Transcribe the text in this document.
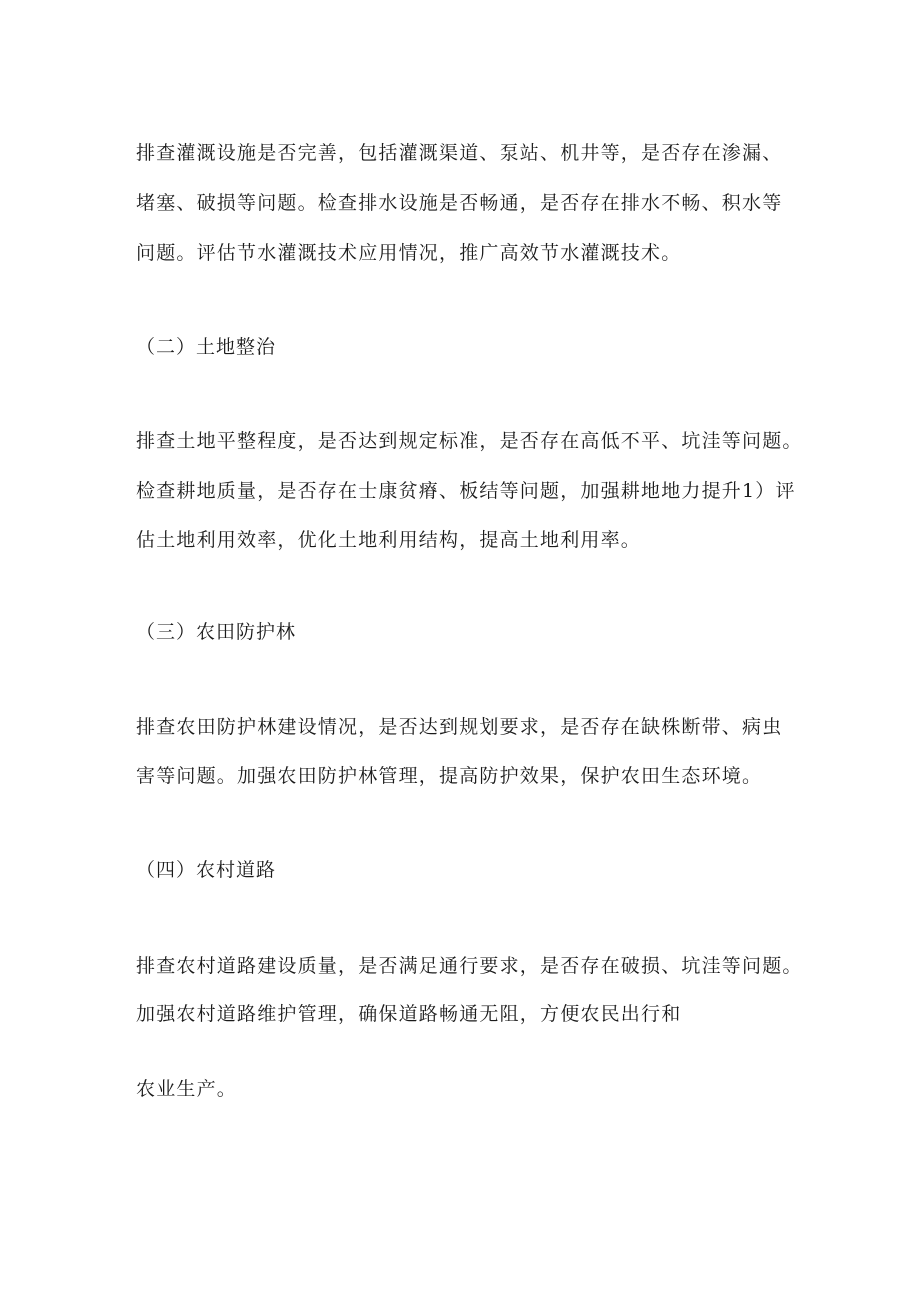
排查灌溉设施是否完善，包括灌溉渠道、泵站、机井等，是否存在渗漏、
堵塞、破损等问题。检查排水设施是否畅通，是否存在排水不畅、积水等
问题。评估节水灌溉技术应用情况，推广高效节水灌溉技术。
（二）土地整治
排查土地平整程度，是否达到规定标准，是否存在高低不平、坑洼等问题。
检查耕地质量，是否存在士康贫瘠、板结等问题，加强耕地地力提升1）评
估土地利用效率，优化土地利用结构，提高土地利用率。
（三）农田防护林
排查农田防护林建设情况，是否达到规划要求，是否存在缺株断带、病虫
害等问题。加强农田防护林管理，提高防护效果，保护农田生态环境。
（四）农村道路
排查农村道路建设质量，是否满足通行要求，是否存在破损、坑洼等问题。
加强农村道路维护管理，确保道路畅通无阻，方便农民出行和
农业生产。
